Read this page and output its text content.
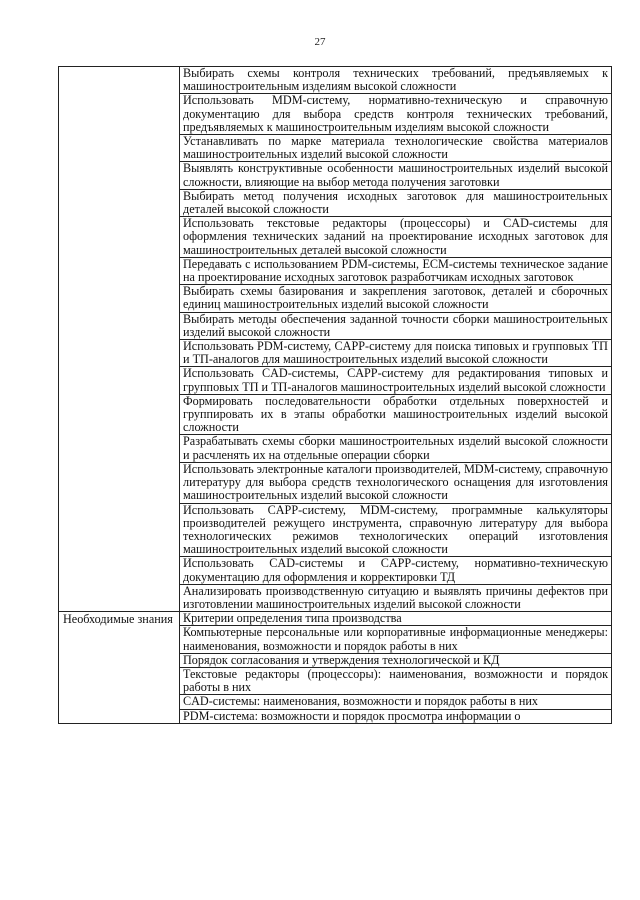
27
	Выбирать схемы контроля технических требований, предъявляемых к машиностроительным изделиям высокой сложности
	Использовать MDM-систему, нормативно-техническую и справочную документацию для выбора средств контроля технических требований, предъявляемых к машиностроительным изделиям высокой сложности
	Устанавливать по марке материала технологические свойства материалов машиностроительных изделий высокой сложности
	Выявлять конструктивные особенности машиностроительных изделий высокой сложности, влияющие на выбор метода получения заготовки
	Выбирать метод получения исходных заготовок для машиностроительных деталей высокой сложности
	Использовать текстовые редакторы (процессоры) и CAD-системы для оформления технических заданий на проектирование исходных заготовок для машиностроительных деталей высокой сложности
	Передавать с использованием PDM-системы, ECM-системы техническое задание на проектирование исходных заготовок разработчикам исходных заготовок
	Выбирать схемы базирования и закрепления заготовок, деталей и сборочных единиц машиностроительных изделий высокой сложности
	Выбирать методы обеспечения заданной точности сборки машиностроительных изделий высокой сложности
	Использовать PDM-систему, CAPP-систему для поиска типовых и групповых ТП и ТП-аналогов для машиностроительных изделий высокой сложности
	Использовать CAD-системы, CAPP-систему для редактирования типовых и групповых ТП и ТП-аналогов машиностроительных изделий высокой сложности
	Формировать последовательности обработки отдельных поверхностей и группировать их в этапы обработки машиностроительных изделий высокой сложности
	Разрабатывать схемы сборки машиностроительных изделий высокой сложности и расчленять их на отдельные операции сборки
	Использовать электронные каталоги производителей, MDM-систему, справочную литературу для выбора средств технологического оснащения для изготовления машиностроительных изделий высокой сложности
	Использовать CAPP-систему, MDM-систему, программные калькуляторы производителей режущего инструмента, справочную литературу для выбора технологических режимов технологических операций изготовления машиностроительных изделий высокой сложности
	Использовать CAD-системы и CAPP-систему, нормативно-техническую документацию для оформления и корректировки ТД
	Анализировать производственную ситуацию и выявлять причины дефектов при изготовлении машиностроительных изделий высокой сложности
Необходимые знания	Критерии определения типа производства
	Компьютерные персональные или корпоративные информационные менеджеры: наименования, возможности и порядок работы в них
	Порядок согласования и утверждения технологической и КД
	Текстовые редакторы (процессоры): наименования, возможности и порядок работы в них
	CAD-системы: наименования, возможности и порядок работы в них
	PDM-система: возможности и порядок просмотра информации о
